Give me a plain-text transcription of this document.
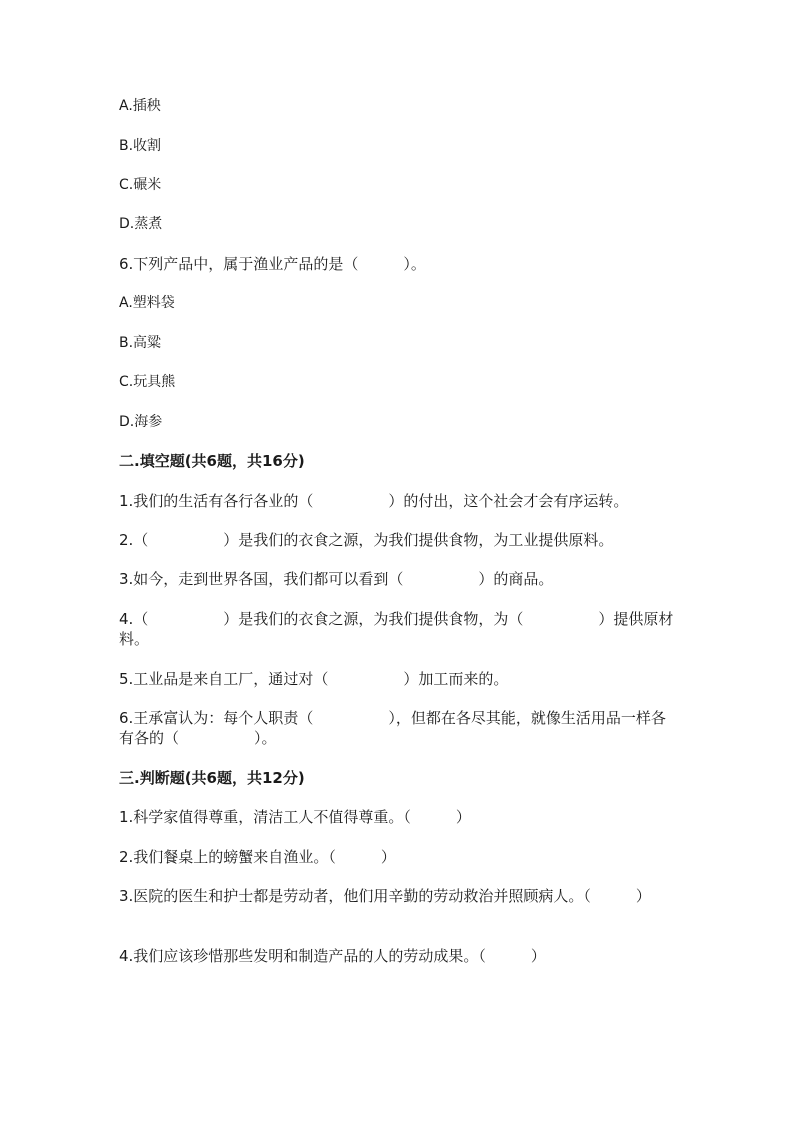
A.插秧
B.收割
C.碾米
D.蒸煮
6.下列产品中，属于渔业产品的是（　　　）。
A.塑料袋
B.高粱
C.玩具熊
D.海参
二.填空题(共6题，共16分)
1.我们的生活有各行各业的（　　　　　）的付出，这个社会才会有序运转。
2.（　　　　　）是我们的衣食之源，为我们提供食物，为工业提供原料。
3.如今，走到世界各国，我们都可以看到（　　　　　）的商品。
4.（　　　　　）是我们的衣食之源，为我们提供食物，为（　　　　　）提供原材料。
5.工业品是来自工厂，通过对（　　　　　）加工而来的。
6.王承富认为：每个人职责（　　　　　），但都在各尽其能，就像生活用品一样各有各的（　　　　　）。
三.判断题(共6题，共12分)
1.科学家值得尊重，清洁工人不值得尊重。（　　　）
2.我们餐桌上的螃蟹来自渔业。（　　　）
3.医院的医生和护士都是劳动者，他们用辛勤的劳动救治并照顾病人。（　　　）
4.我们应该珍惜那些发明和制造产品的人的劳动成果。（　　　）
